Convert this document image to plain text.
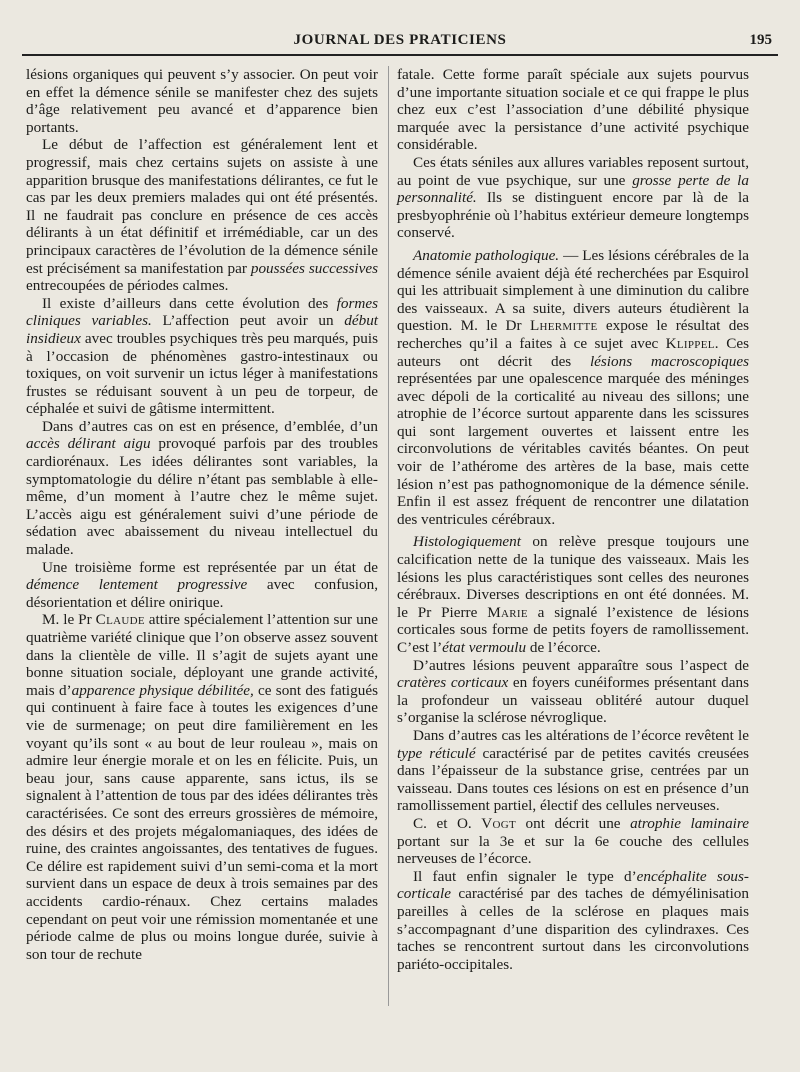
JOURNAL DES PRATICIENS	195

lésions organiques qui peuvent s’y associer. On peut voir en effet la démence sénile se manifester chez des sujets d’âge relativement peu avancé et d’apparence bien portants.

Le début de l’affection est généralement lent et progressif, mais chez certains sujets on assiste à une apparition brusque des manifestations délirantes, ce fut le cas par les deux premiers malades qui ont été présentés. Il ne faudrait pas conclure en présence de ces accès délirants à un état définitif et irrémédiable, car un des principaux caractères de l’évolution de la démence sénile est précisément sa manifestation par poussées successives entrecoupées de périodes calmes.

Il existe d’ailleurs dans cette évolution des formes cliniques variables. L’affection peut avoir un début insidieux avec troubles psychiques très peu marqués, puis à l’occasion de phénomènes gastro-intestinaux ou toxiques, on voit survenir un ictus léger à manifestations frustes se réduisant souvent à un peu de torpeur, de céphalée et suivi de gâtisme intermittent.

Dans d’autres cas on est en présence, d’emblée, d’un accès délirant aigu provoqué parfois par des troubles cardiorénaux. Les idées délirantes sont variables, la symptomatologie du délire n’étant pas semblable à elle-même, d’un moment à l’autre chez le même sujet. L’accès aigu est généralement suivi d’une période de sédation avec abaissement du niveau intellectuel du malade.

Une troisième forme est représentée par un état de démence lentement progressive avec confusion, désorientation et délire onirique.

M. le Pr Claude attire spécialement l’attention sur une quatrième variété clinique que l’on observe assez souvent dans la clientèle de ville. Il s’agit de sujets ayant une bonne situation sociale, déployant une grande activité, mais d’apparence physique débilitée, ce sont des fatigués qui continuent à faire face à toutes les exigences d’une vie de surmenage; on peut dire familièrement en les voyant qu’ils sont « au bout de leur rouleau », mais on admire leur énergie morale et on les en félicite. Puis, un beau jour, sans cause apparente, sans ictus, ils se signalent à l’attention de tous par des idées délirantes très caractérisées. Ce sont des erreurs grossières de mémoire, des désirs et des projets mégalomaniaques, des idées de ruine, des craintes angoissantes, des tentatives de fugues. Ce délire est rapidement suivi d’un semi-coma et la mort survient dans un espace de deux à trois semaines par des accidents cardio-rénaux. Chez certains malades cependant on peut voir une rémission momentanée et une période calme de plus ou moins longue durée, suivie à son tour de rechute

fatale. Cette forme paraît spéciale aux sujets pourvus d’une importante situation sociale et ce qui frappe le plus chez eux c’est l’association d’une débilité physique marquée avec la persistance d’une activité psychique considérable.

Ces états séniles aux allures variables reposent surtout, au point de vue psychique, sur une grosse perte de la personnalité. Ils se distinguent encore par là de la presbyophrénie où l’habitus extérieur demeure longtemps conservé.

Anatomie pathologique. — Les lésions cérébrales de la démence sénile avaient déjà été recherchées par Esquirol qui les attribuait simplement à une diminution du calibre des vaisseaux. A sa suite, divers auteurs étudièrent la question. M. le Dr Lhermitte expose le résultat des recherches qu’il a faites à ce sujet avec Klippel. Ces auteurs ont décrit des lésions macroscopiques représentées par une opalescence marquée des méninges avec dépoli de la corticalité au niveau des sillons; une atrophie de l’écorce surtout apparente dans les scissures qui sont largement ouvertes et laissent entre les circonvolutions de véritables cavités béantes. On peut voir de l’athérome des artères de la base, mais cette lésion n’est pas pathognomonique de la démence sénile. Enfin il est assez fréquent de rencontrer une dilatation des ventricules cérébraux.

Histologiquement on relève presque toujours une calcification nette de la tunique des vaisseaux. Mais les lésions les plus caractéristiques sont celles des neurones cérébraux. Diverses descriptions en ont été données. M. le Pr Pierre Marie a signalé l’existence de lésions corticales sous forme de petits foyers de ramollissement. C’est l’état vermoulu de l’écorce.

D’autres lésions peuvent apparaître sous l’aspect de cratères corticaux en foyers cunéiformes présentant dans la profondeur un vaisseau oblitéré autour duquel s’organise la sclérose névroglique.

Dans d’autres cas les altérations de l’écorce revêtent le type réticulé caractérisé par de petites cavités creusées dans l’épaisseur de la substance grise, centrées par un vaisseau. Dans toutes ces lésions on est en présence d’un ramollissement partiel, électif des cellules nerveuses.

C. et O. Vogt ont décrit une atrophie laminaire portant sur la 3e et sur la 6e couche des cellules nerveuses de l’écorce.

Il faut enfin signaler le type d’encéphalite sous-corticale caractérisé par des taches de démyélinisation pareilles à celles de la sclérose en plaques mais s’accompagnant d’une disparition des cylindraxes. Ces taches se rencontrent surtout dans les circonvolutions pariéto-occipitales.
